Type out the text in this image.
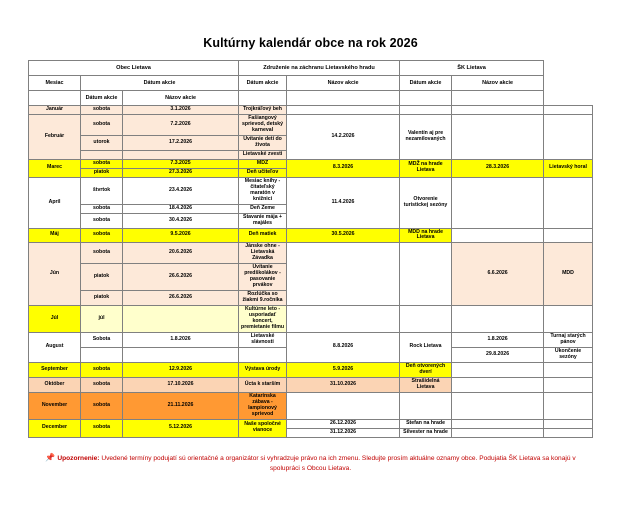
Kultúrny kalendár obce na rok 2026
Obec Lietava			Združenie na záchranu Lietavského hradu		ŠK Lietava		
Mesiac	Dátum akcie		Dátum akcie	Názov akcie	Dátum akcie	Názov akcie	
	Dátum akcie	Názov akcie					
Január	sobota	3.1.2026	Trojkráľový beh				
Február	sobota	7.2.2026	Fašiangový sprievod, detský karneval	14.2.2026	Valentín aj pre nezamilovaných		
	utorok	17.2.2026	Uvítanie detí do života				
			Lietavské zvesti				
Marec	sobota	7.3.2025	MDŽ	8.3.2026	MDŽ na hrade Lietava	28.3.2026	Lietavský horal
	piatok	27.3.2026	Deň učiteľov				
Apríl	štvrtok	23.4.2026	Mesiac knihy - čitateľský maratón v knižnici	11.4.2026	Otvorenie turistickej sezóny		
	sobota	18.4.2026	Deň Zeme				
	sobota	30.4.2026	Stavanie mája + majáles				
Máj	sobota	9.5.2026	Deň matiek	30.5.2026	MDD na hrade Lietava		
Jún	sobota	20.6.2026	Jánske ohne - Lietavská Závadka			6.6.2026	MDD
	piatok	26.6.2026	Uvítanie predškolákov - pasovanie prvákov				
	piatok	26.6.2026	Rozlúčka so žiakmi 9.ročníka				
Júl	júl		Kultúrne leto - usporiadať koncert, premietanie filmu				
August	Sobota	1.8.2026	Lietavské slávnosti	8.8.2026	Rock Lietava	1.8.2026	Turnaj starých pánov
						29.8.2026	Ukončenie sezóny
September	sobota	12.9.2026	Výstava úrody	5.9.2026	Deň otvorených dverí		
Október	sobota	17.10.2026	Úcta k starším	31.10.2026	Strašidelná Lietava		
November	sobota	21.11.2026	Katarínska zábava - lampionový sprievod				
December	sobota	5.12.2026	Naše spoločné vianoce	26.12.2026	Štefan na hrade		
				31.12.2026	Silvester na hrade		
📌 Upozornenie: Uvedené termíny podujatí sú orientačné a organizátor si vyhradzuje právo na ich zmenu. Sledujte prosím aktuálne oznamy obce. Podujatia ŠK Lietava sa konajú v spolupráci s Obcou Lietava.
